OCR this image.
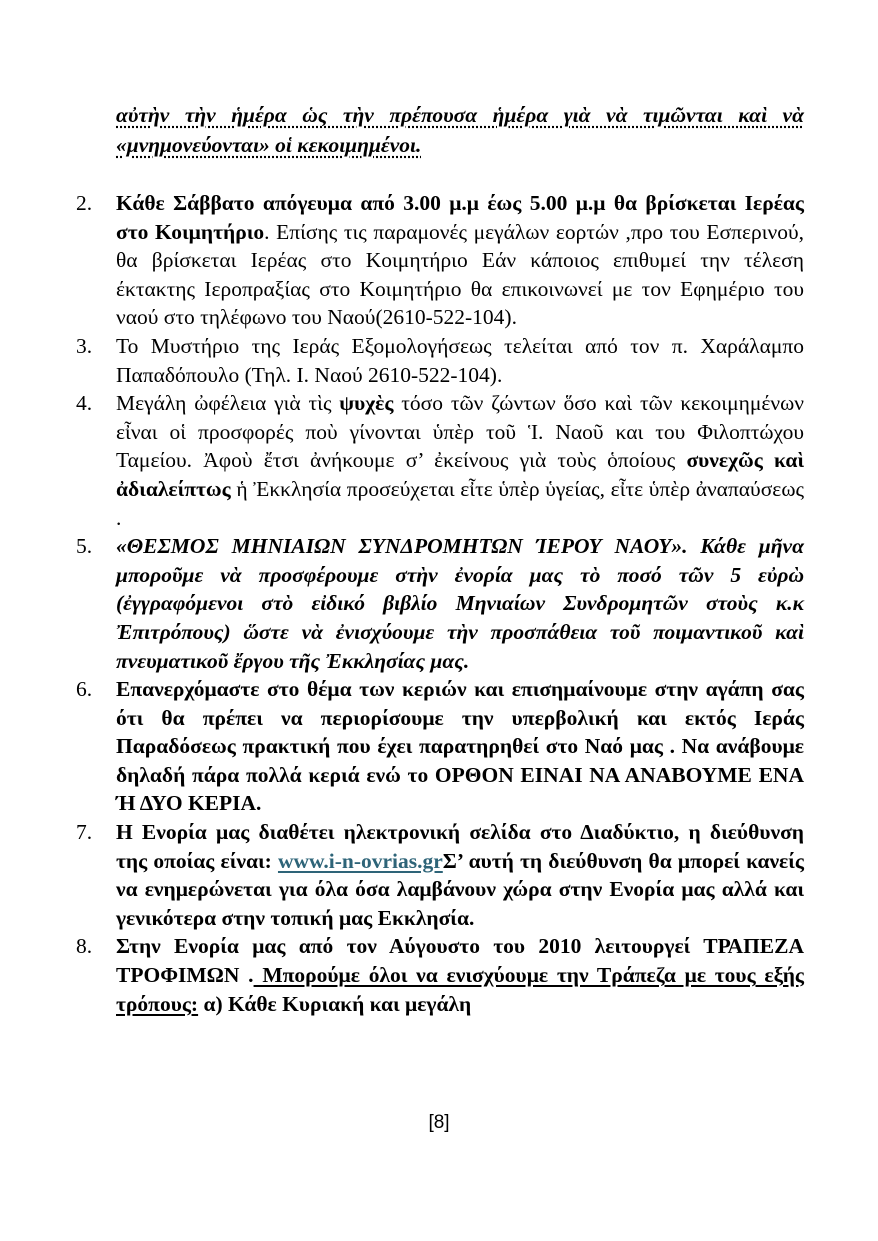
αὐτὴν τὴν ἡμέρα ὡς τὴν πρέπουσα ἡμέρα γιὰ νὰ τιμῶνται καὶ νὰ
«μνημονεύονται» οἱ κεκοιμημένοι.
2. Κάθε Σάββατο απόγευμα από 3.00 μ.μ έως 5.00 μ.μ θα βρίσκεται Ιερέας στο Κοιμητήριο. Επίσης τις παραμονές μεγάλων εορτών ,προ του Εσπερινού, θα βρίσκεται Ιερέας στο Κοιμητήριο Εάν κάποιος επιθυμεί την τέλεση έκτακτης Ιεροπραξίας στο Κοιμητήριο θα επικοινωνεί με τον Εφημέριο του ναού στο τηλέφωνο του Ναού(2610-522-104).
3. Το Μυστήριο της Ιεράς Εξομολογήσεως τελείται από τον π. Χαράλαμπο Παπαδόπουλο (Τηλ. Ι. Ναού 2610-522-104).
4. Μεγάλη ὠφέλεια γιὰ τὶς ψυχὲς τόσο τῶν ζώντων ὅσο καὶ τῶν κεκοιμημένων εἶναι οἱ προσφορές ποὺ γίνονται ὑπὲρ τοῦ Ἱ. Ναοῦ και του Φιλοπτώχου Ταμείου. Ἀφοὺ ἔτσι ἀνήκουμε σ’ ἐκείνους γιὰ τοὺς ὁποίους συνεχῶς καὶ ἀδιαλείπτως ἡ Ἐκκλησία προσεύχεται εἶτε ὑπὲρ ὑγείας, εἶτε ὑπὲρ ἀναπαύσεως .
5. «ΘΕΣΜΟΣ ΜΗΝΙΑΙΩΝ ΣΥΝΔΡΟΜΗΤΩΝ ΊΕΡΟΥ ΝΑΟΥ». Κάθε μῆνα μποροῦμε νὰ προσφέρουμε στὴν ἐνορία μας τὸ ποσό τῶν 5 εὐρὼ (ἐγγραφόμενοι στὸ εἰδικό βιβλίο Μηνιαίων Συνδρομητῶν στοὺς κ.κ Ἐπιτρόπους) ὥστε νὰ ἐνισχύουμε τὴν προσπάθεια τοῦ ποιμαντικοῦ καὶ πνευματικοῦ ἔργου τῆς Ἐκκλησίας μας.
6. Επανερχόμαστε στο θέμα των κεριών και επισημαίνουμε στην αγάπη σας ότι θα πρέπει να περιορίσουμε την υπερβολική και εκτός Ιεράς Παραδόσεως πρακτική που έχει παρατηρηθεί στο Ναό μας . Να ανάβουμε δηλαδή πάρα πολλά κεριά ενώ το ΟΡΘΟΝ ΕΙΝΑΙ ΝΑ ΑΝΑΒΟΥΜΕ ΕΝΑ Ή ΔΥΟ ΚΕΡΙΑ.
7. Η Ενορία μας διαθέτει ηλεκτρονική σελίδα στο Διαδύκτιο, η διεύθυνση της οποίας είναι: www.i-n-ovrias.grΣ’ αυτή τη διεύθυνση θα μπορεί κανείς να ενημερώνεται για όλα όσα λαμβάνουν χώρα στην Ενορία μας αλλά και γενικότερα στην τοπική μας Εκκλησία.
8. Στην Ενορία μας από τον Αύγουστο του 2010 λειτουργεί ΤΡΑΠΕΖΑ ΤΡΟΦΙΜΩΝ . Μπορούμε όλοι να ενισχύουμε την Τράπεζα με τους εξής τρόπους: α) Κάθε Κυριακή και μεγάλη
[8]
